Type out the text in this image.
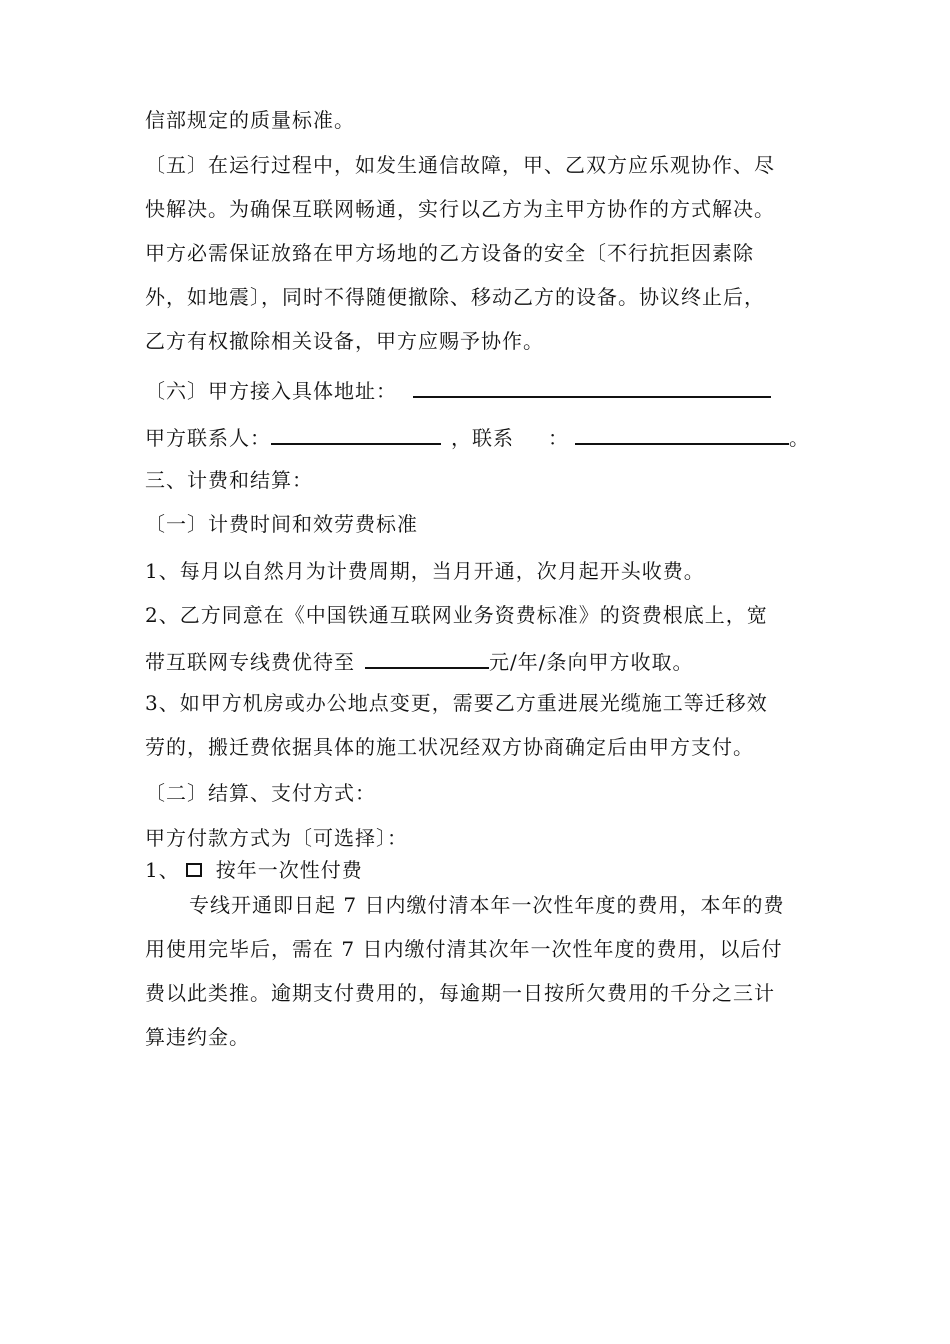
信部规定的质量标准。
〔五〕在运行过程中，如发生通信故障，甲、乙双方应乐观协作、尽
快解决。为确保互联网畅通，实行以乙方为主甲方协作的方式解决。
甲方必需保证放臵在甲方场地的乙方设备的安全〔不行抗拒因素除
外，如地震〕，同时不得随便撤除、移动乙方的设备。协议终止后，
乙方有权撤除相关设备，甲方应赐予协作。
〔六〕甲方接入具体地址：
甲方联系人：	，联系 ：	。
三、计费和结算：
〔一〕计费时间和效劳费标准
1、每月以自然月为计费周期，当月开通，次月起开头收费。
2、乙方同意在《中国铁通互联网业务资费标准》的资费根底上，宽
带互联网专线费优待至	元/年/条向甲方收取。
3、如甲方机房或办公地点变更，需要乙方重进展光缆施工等迁移效
劳的，搬迁费依据具体的施工状况经双方协商确定后由甲方支付。
〔二〕结算、支付方式：
甲方付款方式为〔可选择〕：
1、 按年一次性付费
专线开通即日起 7 日内缴付清本年一次性年度的费用，本年的费
用使用完毕后，需在 7 日内缴付清其次年一次性年度的费用，以后付
费以此类推。逾期支付费用的，每逾期一日按所欠费用的千分之三计
算违约金。
